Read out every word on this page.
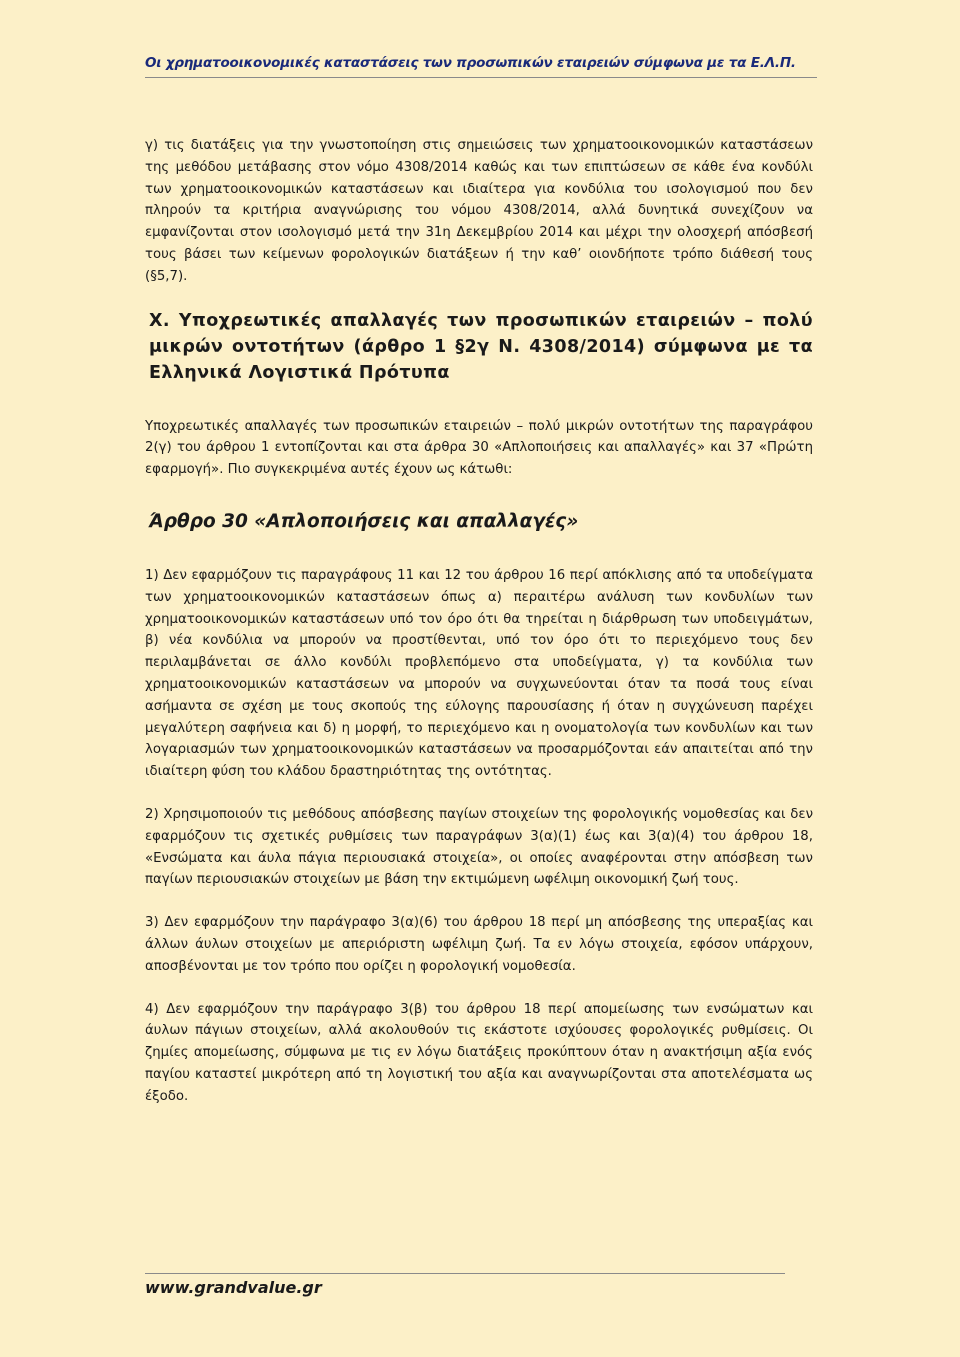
Οι χρηματοοικονομικές καταστάσεις των προσωπικών εταιρειών σύμφωνα με τα Ε.Λ.Π.

γ) τις διατάξεις για την γνωστοποίηση στις σημειώσεις των χρηματοοικονομικών καταστάσεων της μεθόδου μετάβασης στον νόμο 4308/2014 καθώς και των επιπτώσεων σε κάθε ένα κονδύλι των χρηματοοικονομικών καταστάσεων και ιδιαίτερα για κονδύλια του ισολογισμού που δεν πληρούν τα κριτήρια αναγνώρισης του νόμου 4308/2014, αλλά δυνητικά συνεχίζουν να εμφανίζονται στον ισολογισμό μετά την 31η Δεκεμβρίου 2014 και μέχρι την ολοσχερή απόσβεσή τους βάσει των κείμενων φορολογικών διατάξεων ή την καθ’ οιονδήποτε τρόπο διάθεσή τους (§5,7).

Χ. Υποχρεωτικές απαλλαγές των προσωπικών εταιρειών – πολύ μικρών οντοτήτων (άρθρο 1 §2γ Ν. 4308/2014) σύμφωνα με τα Ελληνικά Λογιστικά Πρότυπα

Υποχρεωτικές απαλλαγές των προσωπικών εταιρειών – πολύ μικρών οντοτήτων της παραγράφου 2(γ) του άρθρου 1 εντοπίζονται και στα άρθρα 30 «Απλοποιήσεις και απαλλαγές» και 37 «Πρώτη εφαρμογή». Πιο συγκεκριμένα αυτές έχουν ως κάτωθι:

Άρθρο 30 «Απλοποιήσεις και απαλλαγές»

1) Δεν εφαρμόζουν τις παραγράφους 11 και 12 του άρθρου 16 περί απόκλισης από τα υποδείγματα των χρηματοοικονομικών καταστάσεων όπως α) περαιτέρω ανάλυση των κονδυλίων των χρηματοοικονομικών καταστάσεων υπό τον όρο ότι θα τηρείται η διάρθρωση των υποδειγμάτων, β) νέα κονδύλια να μπορούν να προστίθενται, υπό τον όρο ότι το περιεχόμενο τους δεν περιλαμβάνεται σε άλλο κονδύλι προβλεπόμενο στα υποδείγματα, γ) τα κονδύλια των χρηματοοικονομικών καταστάσεων να μπορούν να συγχωνεύονται όταν τα ποσά τους είναι ασήμαντα σε σχέση με τους σκοπούς της εύλογης παρουσίασης ή όταν η συγχώνευση παρέχει μεγαλύτερη σαφήνεια και δ) η μορφή, το περιεχόμενο και η ονοματολογία των κονδυλίων και των λογαριασμών των χρηματοοικονομικών καταστάσεων να προσαρμόζονται εάν απαιτείται από την ιδιαίτερη φύση του κλάδου δραστηριότητας της οντότητας.

2) Χρησιμοποιούν τις μεθόδους απόσβεσης παγίων στοιχείων της φορολογικής νομοθεσίας και δεν εφαρμόζουν τις σχετικές ρυθμίσεις των παραγράφων 3(α)(1) έως και 3(α)(4) του άρθρου 18, «Ενσώματα και άυλα πάγια περιουσιακά στοιχεία», οι οποίες αναφέρονται στην απόσβεση των παγίων περιουσιακών στοιχείων με βάση την εκτιμώμενη ωφέλιμη οικονομική ζωή τους.

3) Δεν εφαρμόζουν την παράγραφο 3(α)(6) του άρθρου 18 περί μη απόσβεσης της υπεραξίας και άλλων άυλων στοιχείων με απεριόριστη ωφέλιμη ζωή. Τα εν λόγω στοιχεία, εφόσον υπάρχουν, αποσβένονται με τον τρόπο που ορίζει η φορολογική νομοθεσία.

4) Δεν εφαρμόζουν την παράγραφο 3(β) του άρθρου 18 περί απομείωσης των ενσώματων και άυλων πάγιων στοιχείων, αλλά ακολουθούν τις εκάστοτε ισχύουσες φορολογικές ρυθμίσεις. Οι ζημίες απομείωσης, σύμφωνα με τις εν λόγω διατάξεις προκύπτουν όταν η ανακτήσιμη αξία ενός παγίου καταστεί μικρότερη από τη λογιστική του αξία και αναγνωρίζονται στα αποτελέσματα ως έξοδο.

www.grandvalue.gr
